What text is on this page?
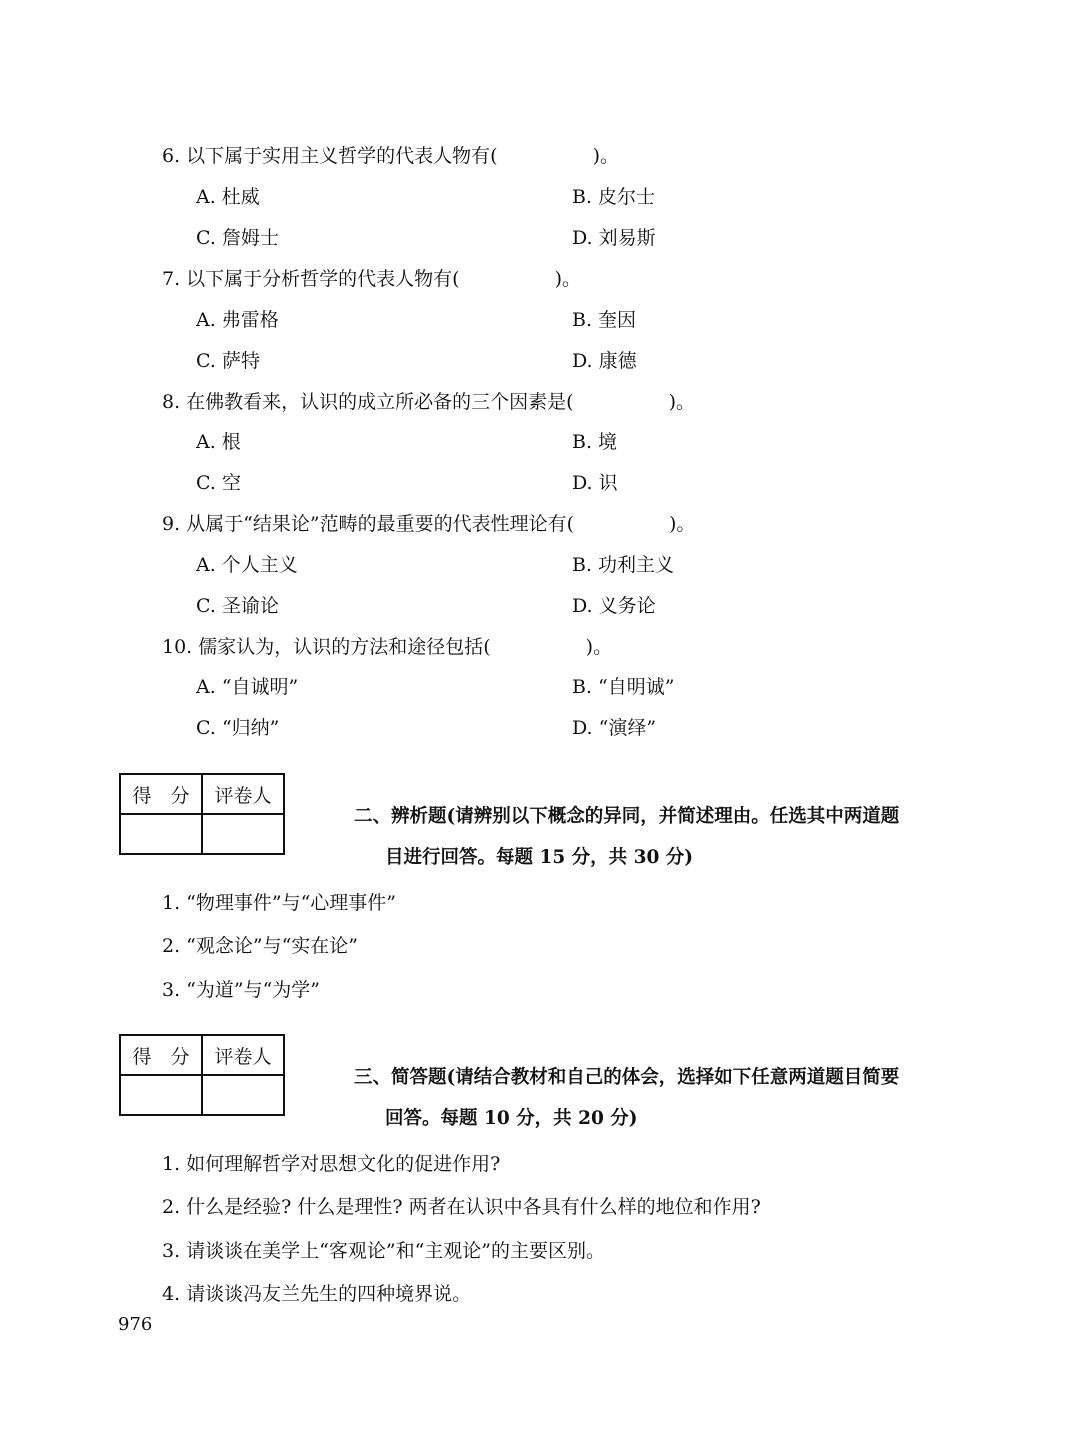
6. 以下属于实用主义哲学的代表人物有(　　　　　)。
A. 杜威	B. 皮尔士
C. 詹姆士	D. 刘易斯
7. 以下属于分析哲学的代表人物有(　　　　　)。
A. 弗雷格	B. 奎因
C. 萨特	D. 康德
8. 在佛教看来，认识的成立所必备的三个因素是(　　　　　)。
A. 根	B. 境
C. 空	D. 识
9. 从属于“结果论”范畴的最重要的代表性理论有(　　　　　)。
A. 个人主义	B. 功利主义
C. 圣谕论	D. 义务论
10. 儒家认为，认识的方法和途径包括(　　　　　)。
A. “自诚明”	B. “自明诚”
C. “归纳”	D. “演绎”
得　分	评卷人

二、辨析题(请辨别以下概念的异同，并简述理由。任选其中两道题
目进行回答。每题 15 分，共 30 分)
1. “物理事件”与“心理事件”
2. “观念论”与“实在论”
3. “为道”与“为学”
得　分	评卷人

三、简答题(请结合教材和自己的体会，选择如下任意两道题目简要
回答。每题 10 分，共 20 分)
1. 如何理解哲学对思想文化的促进作用?
2. 什么是经验? 什么是理性? 两者在认识中各具有什么样的地位和作用?
3. 请谈谈在美学上“客观论”和“主观论”的主要区别。
4. 请谈谈冯友兰先生的四种境界说。
976
